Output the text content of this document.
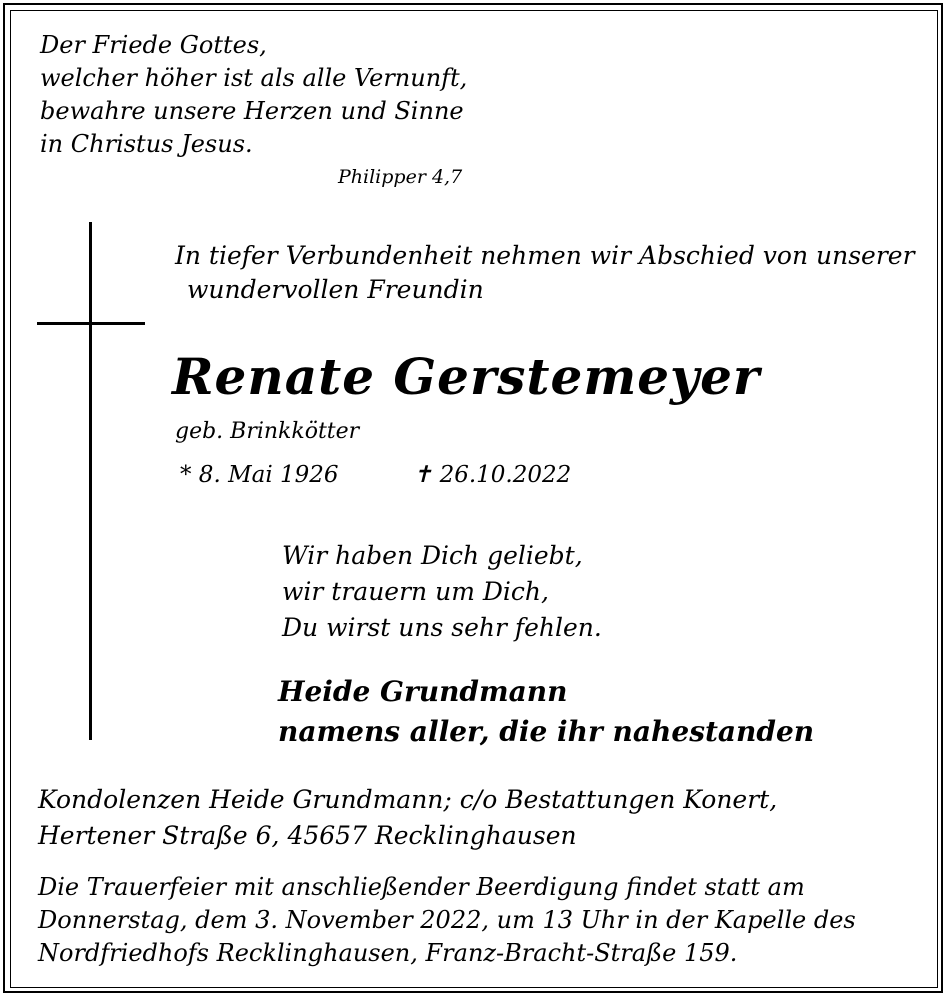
Der Friede Gottes,
welcher höher ist als alle Vernunft,
bewahre unsere Herzen und Sinne
in Christus Jesus.
Philipper 4,7
In tiefer Verbundenheit nehmen wir Abschied von unserer
wundervollen Freundin
Renate Gerstemeyer
geb. Brinkkötter
* 8. Mai 1926	✝ 26.10.2022
Wir haben Dich geliebt,
wir trauern um Dich,
Du wirst uns sehr fehlen.
Heide Grundmann
namens aller, die ihr nahestanden
Kondolenzen Heide Grundmann; c/o Bestattungen Konert,
Hertener Straße 6, 45657 Recklinghausen
Die Trauerfeier mit anschließender Beerdigung findet statt am
Donnerstag, dem 3. November 2022, um 13 Uhr in der Kapelle des
Nordfriedhofs Recklinghausen, Franz-Bracht-Straße 159.
